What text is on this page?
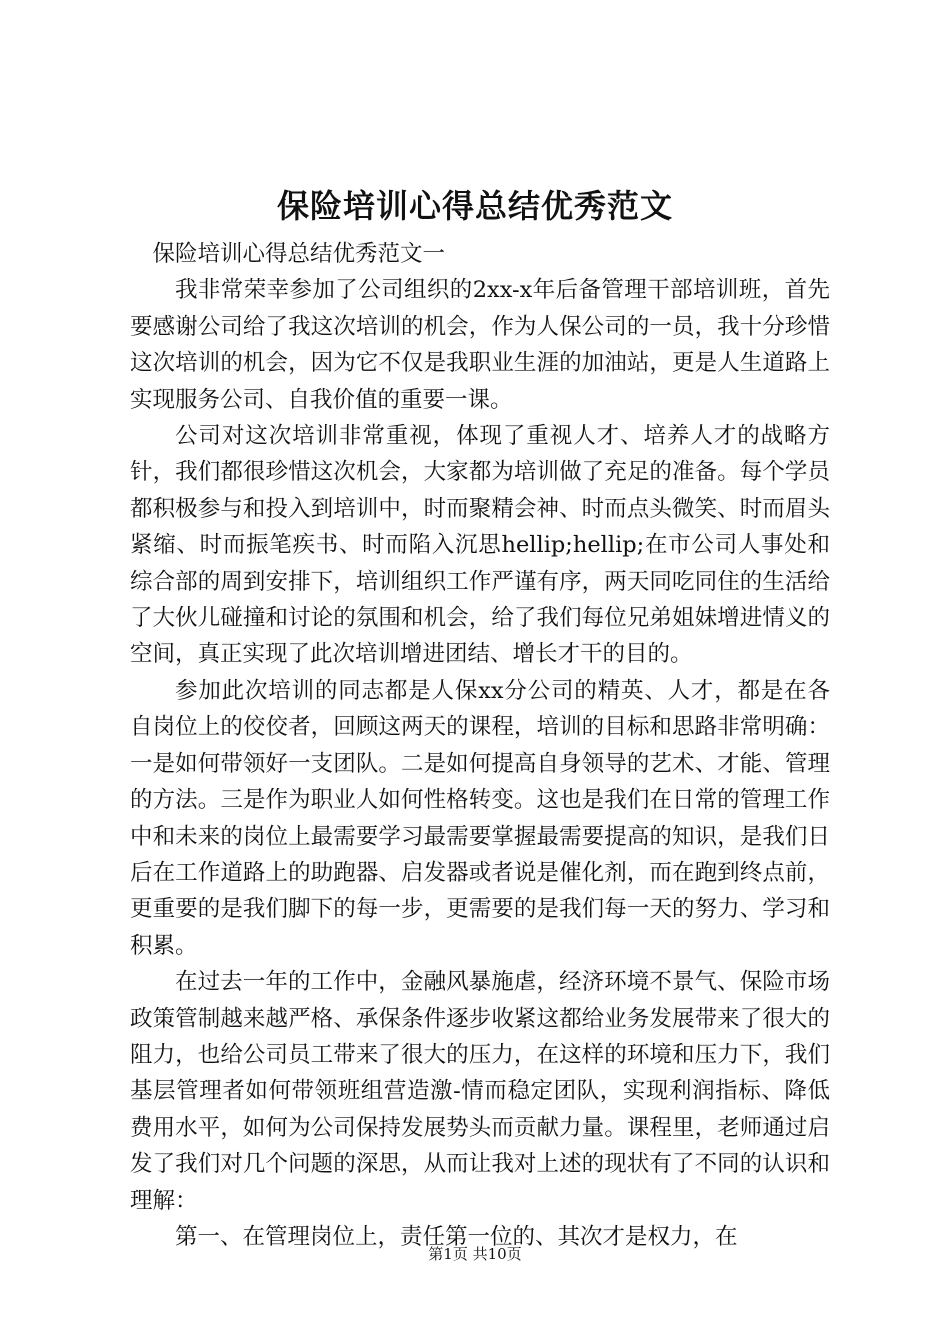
保险培训心得总结优秀范文
保险培训心得总结优秀范文一

我非常荣幸参加了公司组织的2xx-x年后备管理干部培训班，首先要感谢公司给了我这次培训的机会，作为人保公司的一员，我十分珍惜这次培训的机会，因为它不仅是我职业生涯的加油站，更是人生道路上实现服务公司、自我价值的重要一课。

公司对这次培训非常重视，体现了重视人才、培养人才的战略方针，我们都很珍惜这次机会，大家都为培训做了充足的准备。每个学员都积极参与和投入到培训中，时而聚精会神、时而点头微笑、时而眉头紧缩、时而振笔疾书、时而陷入沉思hellip;hellip;在市公司人事处和综合部的周到安排下，培训组织工作严谨有序，两天同吃同住的生活给了大伙儿碰撞和讨论的氛围和机会，给了我们每位兄弟姐妹增进情义的空间，真正实现了此次培训增进团结、增长才干的目的。

参加此次培训的同志都是人保xx分公司的精英、人才，都是在各自岗位上的佼佼者，回顾这两天的课程，培训的目标和思路非常明确：一是如何带领好一支团队。二是如何提高自身领导的艺术、才能、管理的方法。三是作为职业人如何性格转变。这也是我们在日常的管理工作中和未来的岗位上最需要学习最需要掌握最需要提高的知识，是我们日后在工作道路上的助跑器、启发器或者说是催化剂，而在跑到终点前，更重要的是我们脚下的每一步，更需要的是我们每一天的努力、学习和积累。

在过去一年的工作中，金融风暴施虐，经济环境不景气、保险市场政策管制越来越严格、承保条件逐步收紧这都给业务发展带来了很大的阻力，也给公司员工带来了很大的压力，在这样的环境和压力下，我们基层管理者如何带领班组营造激-情而稳定团队，实现利润指标、降低费用水平，如何为公司保持发展势头而贡献力量。课程里，老师通过启发了我们对几个问题的深思，从而让我对上述的现状有了不同的认识和理解：

第一、在管理岗位上，责任第一位的、其次才是权力，在

第1页 共10页
